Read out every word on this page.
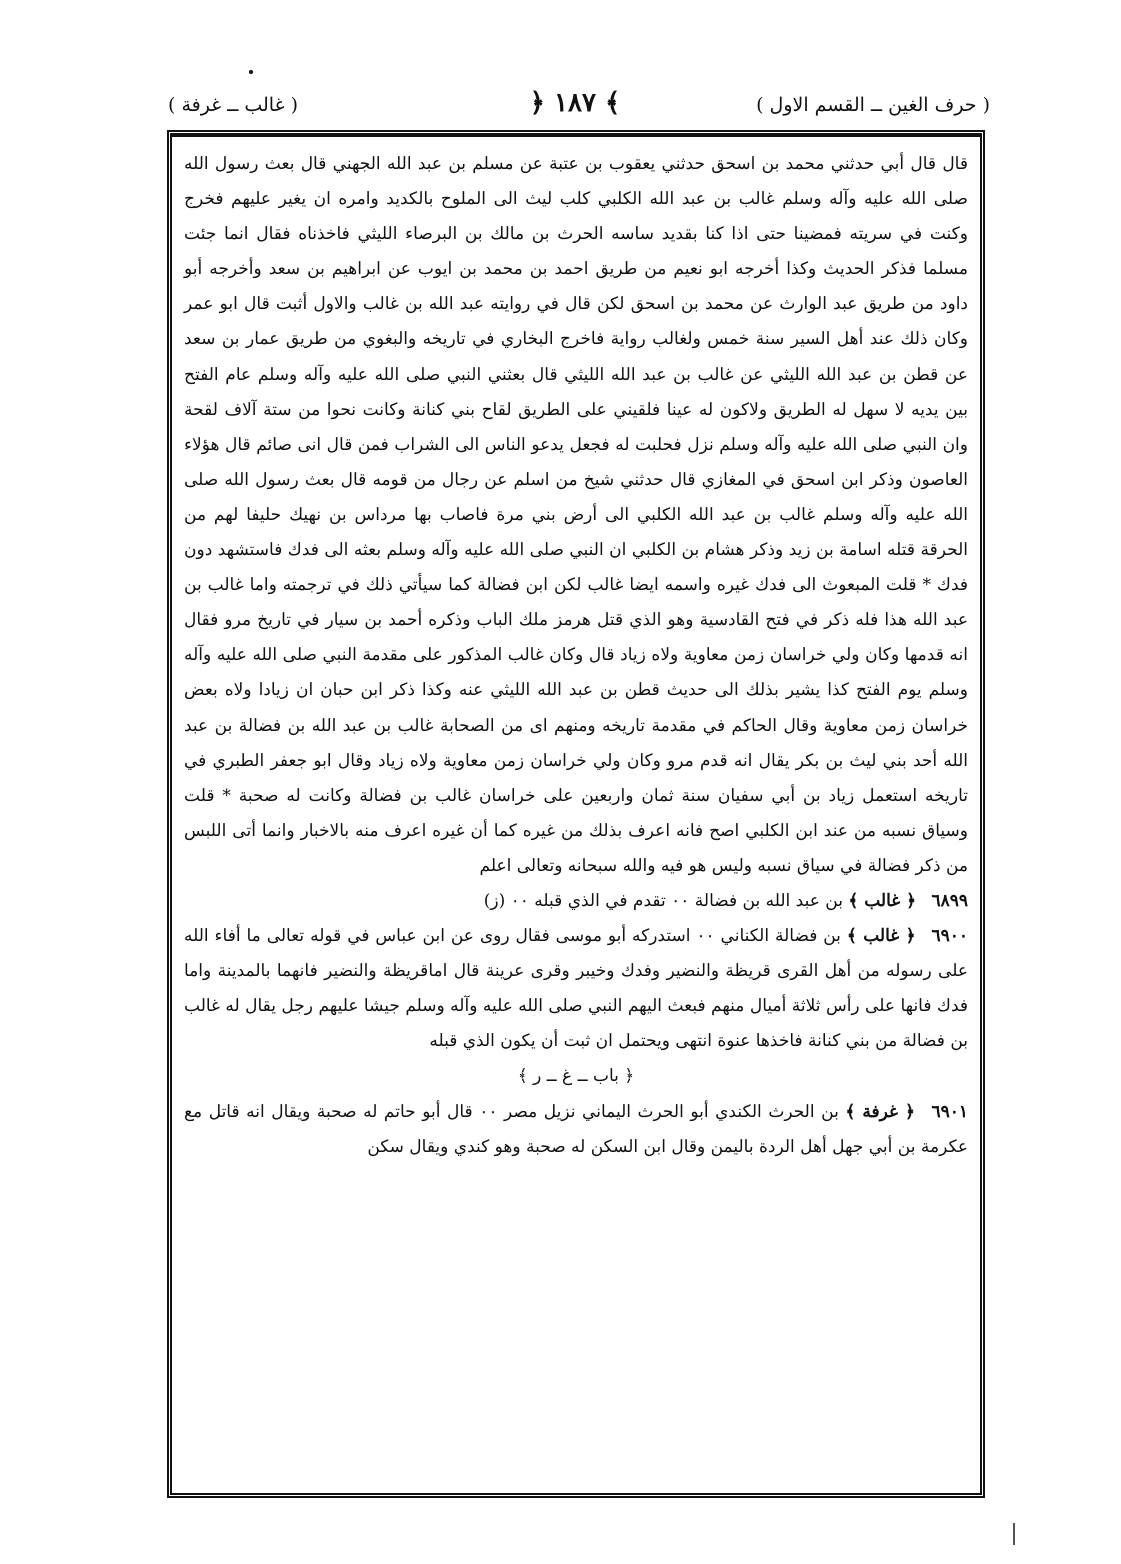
( حرف الغين ــ القسم الاول )
﴾ ١٨٧ ﴿
( غالب ــ غرفة )

قال قال أبي حدثني محمد بن اسحق حدثني يعقوب بن عتبة عن مسلم بن عبد الله الجهني قال بعث رسول الله صلى الله عليه وآله وسلم غالب بن عبد الله الكلبي كلب ليث الى الملوح بالكديد وامره ان يغير عليهم فخرج وكنت في سريته فمضينا حتى اذا كنا بقديد ساسه الحرث بن مالك بن البرصاء الليثي فاخذناه فقال انما جئت مسلما فذكر الحديث وكذا أخرجه ابو نعيم من طريق احمد بن محمد بن ايوب عن ابراهيم بن سعد وأخرجه أبو داود من طريق عبد الوارث عن محمد بن اسحق لكن قال في روايته عبد الله بن غالب والاول أثبت قال ابو عمر وكان ذلك عند أهل السير سنة خمس ولغالب رواية فاخرج البخاري في تاريخه والبغوي من طريق عمار بن سعد عن قطن بن عبد الله الليثي عن غالب بن عبد الله الليثي قال بعثني النبي صلى الله عليه وآله وسلم عام الفتح بين يديه لا سهل له الطريق ولاكون له عينا فلقيني على الطريق لقاح بني كنانة وكانت نحوا من ستة آلاف لقحة وان النبي صلى الله عليه وآله وسلم نزل فحلبت له فجعل يدعو الناس الى الشراب فمن قال انى صائم قال هؤلاء العاصون وذكر ابن اسحق في المغازي قال حدثني شيخ من اسلم عن رجال من قومه قال بعث رسول الله صلى الله عليه وآله وسلم غالب بن عبد الله الكلبي الى أرض بني مرة فاصاب بها مرداس بن نهيك حليفا لهم من الحرقة قتله اسامة بن زيد وذكر هشام بن الكلبي ان النبي صلى الله عليه وآله وسلم بعثه الى فدك فاستشهد دون فدك * قلت المبعوث الى فدك غيره واسمه ايضا غالب لكن ابن فضالة كما سيأتي ذلك في ترجمته واما غالب بن عبد الله هذا فله ذكر في فتح القادسية وهو الذي قتل هرمز ملك الباب وذكره أحمد بن سيار في تاريخ مرو فقال انه قدمها وكان ولي خراسان زمن معاوية ولاه زياد قال وكان غالب المذكور على مقدمة النبي صلى الله عليه وآله وسلم يوم الفتح كذا يشير بذلك الى حديث قطن بن عبد الله الليثي عنه وكذا ذكر ابن حبان ان زيادا ولاه بعض خراسان زمن معاوية وقال الحاكم في مقدمة تاريخه ومنهم اى من الصحابة غالب بن عبد الله بن فضالة بن عبد الله أحد بني ليث بن بكر يقال انه قدم مرو وكان ولي خراسان زمن معاوية ولاه زياد وقال ابو جعفر الطبري في تاريخه استعمل زياد بن أبي سفيان سنة ثمان واربعين على خراسان غالب بن فضالة وكانت له صحبة * قلت وسياق نسبه من عند ابن الكلبي اصح فانه اعرف بذلك من غيره كما أن غيره اعرف منه بالاخبار وانما أتى اللبس من ذكر فضالة في سياق نسبه وليس هو فيه والله سبحانه وتعالى اعلم

٦٨٩٩ ﴿ غالب ﴾ بن عبد الله بن فضالة ٠٠ تقدم في الذي قبله ٠٠ (ز)

٦٩٠٠ ﴿ غالب ﴾ بن فضالة الكناني ٠٠ استدركه أبو موسى فقال روى عن ابن عباس في قوله تعالى ما أفاء الله على رسوله من أهل القرى قريظة والنضير وفدك وخيبر وقرى عرينة قال اماقريظة والنضير فانهما بالمدينة واما فدك فانها على رأس ثلاثة أميال منهم فبعث اليهم النبي صلى الله عليه وآله وسلم جيشا عليهم رجل يقال له غالب بن فضالة من بني كنانة فاخذها عنوة انتهى ويحتمل ان ثبت أن يكون الذي قبله

﴿ باب ــ غ ــ ر ﴾

٦٩٠١ ﴿ غرفة ﴾ بن الحرث الكندي أبو الحرث اليماني نزيل مصر ٠٠ قال أبو حاتم له صحبة ويقال انه قاتل مع عكرمة بن أبي جهل أهل الردة باليمن وقال ابن السكن له صحبة وهو كندي ويقال سكن
